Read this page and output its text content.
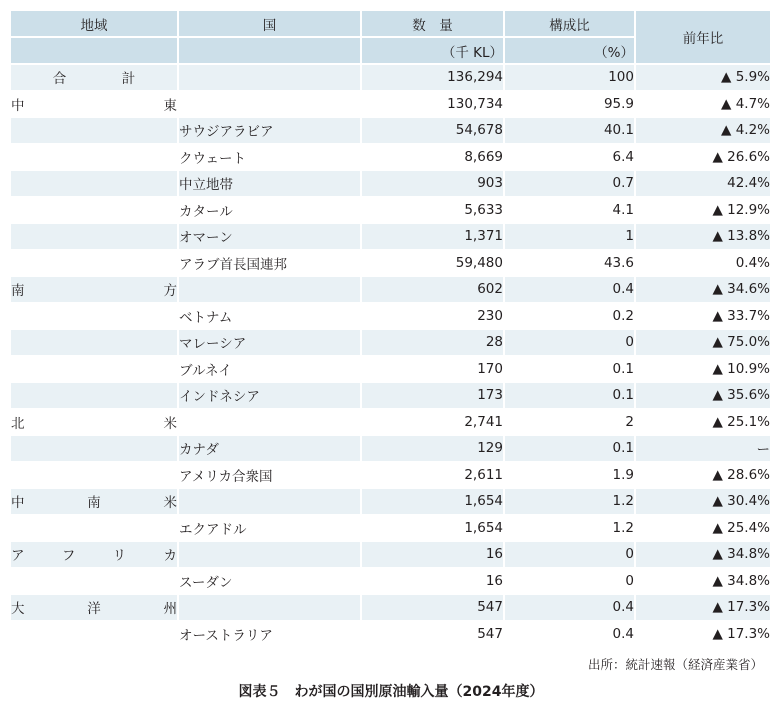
地域	国	数　量	構成比	前年比
		（千 KL）	（%）	

合 計		136,294	100	▲ 5.9%

中 東		130,734	95.9	▲ 4.7%

	サウジアラビア	54,678	40.1	▲ 4.2%

	クウェート	8,669	6.4	▲ 26.6%

	中立地帯	903	0.7	42.4%

	カタール	5,633	4.1	▲ 12.9%

	オマーン	1,371	1	▲ 13.8%

	アラブ首長国連邦	59,480	43.6	0.4%

南 方		602	0.4	▲ 34.6%

	ベトナム	230	0.2	▲ 33.7%

	マレーシア	28	0	▲ 75.0%

	ブルネイ	170	0.1	▲ 10.9%

	インドネシア	173	0.1	▲ 35.6%

北 米		2,741	2	▲ 25.1%

	カナダ	129	0.1	ー

	アメリカ合衆国	2,611	1.9	▲ 28.6%

中 南 米		1,654	1.2	▲ 30.4%

	エクアドル	1,654	1.2	▲ 25.4%

ア フ リ カ		16	0	▲ 34.8%

	スーダン	16	0	▲ 34.8%

大 洋 州		547	0.4	▲ 17.3%

	オーストラリア	547	0.4	▲ 17.3%
出所：統計速報（経済産業省）
図表５　わが国の国別原油輸入量（2024年度）
